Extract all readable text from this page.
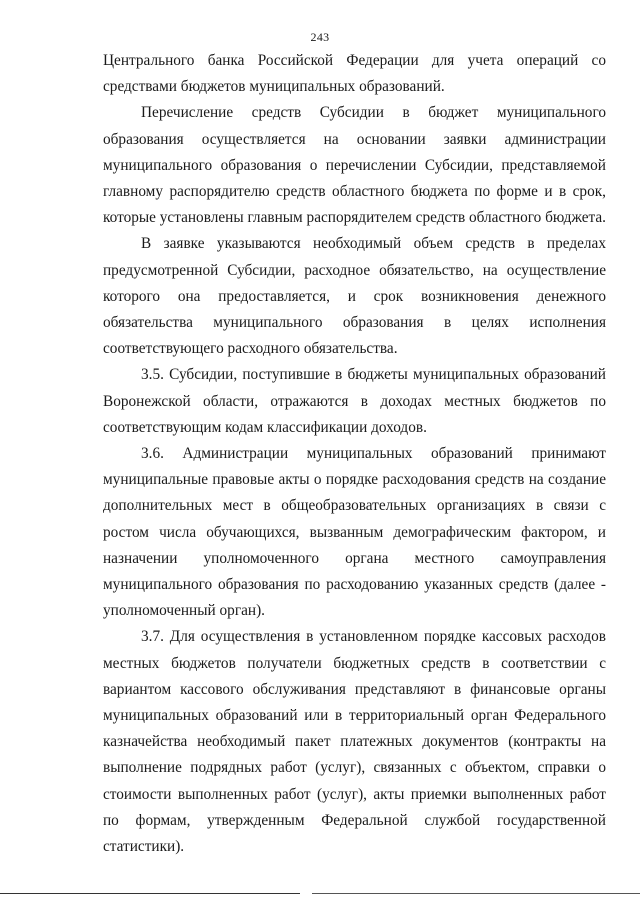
243

Центрального банка Российской Федерации для учета операций со средствами бюджетов муниципальных образований.

Перечисление средств Субсидии в бюджет муниципального образования осуществляется на основании заявки администрации муниципального образования о перечислении Субсидии, представляемой главному распорядителю средств областного бюджета по форме и в срок, которые установлены главным распорядителем средств областного бюджета.

В заявке указываются необходимый объем средств в пределах предусмотренной Субсидии, расходное обязательство, на осуществление которого она предоставляется, и срок возникновения денежного обязательства муниципального образования в целях исполнения соответствующего расходного обязательства.

3.5. Субсидии, поступившие в бюджеты муниципальных образований Воронежской области, отражаются в доходах местных бюджетов по соответствующим кодам классификации доходов.

3.6. Администрации муниципальных образований принимают муниципальные правовые акты о порядке расходования средств на создание дополнительных мест в общеобразовательных организациях в связи с ростом числа обучающихся, вызванным демографическим фактором, и назначении уполномоченного органа местного самоуправления муниципального образования по расходованию указанных средств (далее - уполномоченный орган).

3.7. Для осуществления в установленном порядке кассовых расходов местных бюджетов получатели бюджетных средств в соответствии с вариантом кассового обслуживания представляют в финансовые органы муниципальных образований или в территориальный орган Федерального казначейства необходимый пакет платежных документов (контракты на выполнение подрядных работ (услуг), связанных с объектом, справки о стоимости выполненных работ (услуг), акты приемки выполненных работ по формам, утвержденным Федеральной службой государственной статистики).
